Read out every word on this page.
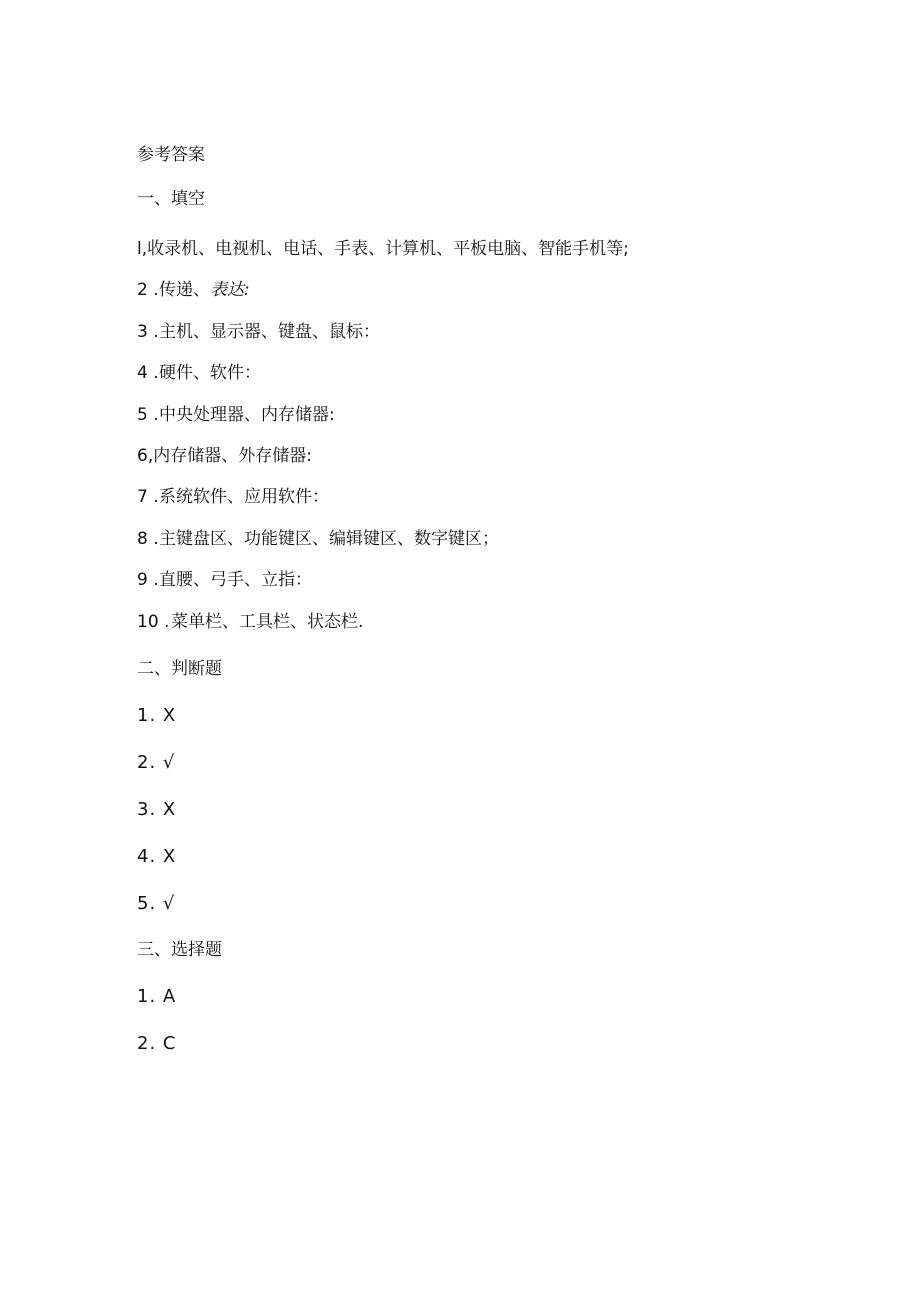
参考答案
一、填空
l,收录机、电视机、电话、手表、计算机、平板电脑、智能手机等;
2 .传递、表达:
3 .主机、显示器、键盘、鼠标：
4 .硬件、软件：
5 .中央处理器、内存储器:
6,内存储器、外存储器:
7 .系统软件、应用软件：
8 .主键盘区、功能键区、编辑键区、数字键区；
9 .直腰、弓手、立指：
10 .菜单栏、工具栏、状态栏.
二、判断题
1. X
2. √
3. X
4. X
5. √
三、选择题
1. A
2. C
